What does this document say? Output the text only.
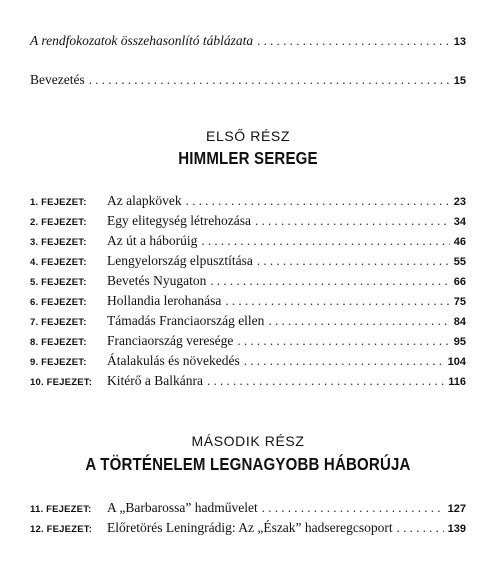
A rendfokozatok összehasonlító táblázata . . .	13
Bevezetés . . .	15
ELSŐ RÉSZ
HIMMLER SEREGE
1. FEJEZET:	Az alapkövek . . .	23
2. FEJEZET:	Egy elitegység létrehozása . . .	34
3. FEJEZET:	Az út a háborúig . . .	46
4. FEJEZET:	Lengyelország elpusztítása . . .	55
5. FEJEZET:	Bevetés Nyugaton . . .	66
6. FEJEZET:	Hollandia lerohanása . . .	75
7. FEJEZET:	Támadás Franciaország ellen . . .	84
8. FEJEZET:	Franciaország veresége . . .	95
9. FEJEZET:	Átalakulás és növekedés . . .	104
10. FEJEZET:	Kitérő a Balkánra . . .	116
MÁSODIK RÉSZ
A TÖRTÉNELEM LEGNAGYOBB HÁBORÚJA
11. FEJEZET:	A „Barbarossa” hadművelet . . .	127
12. FEJEZET:	Előretörés Leningrádig: Az „Észak” hadseregcsoport . . .	139
